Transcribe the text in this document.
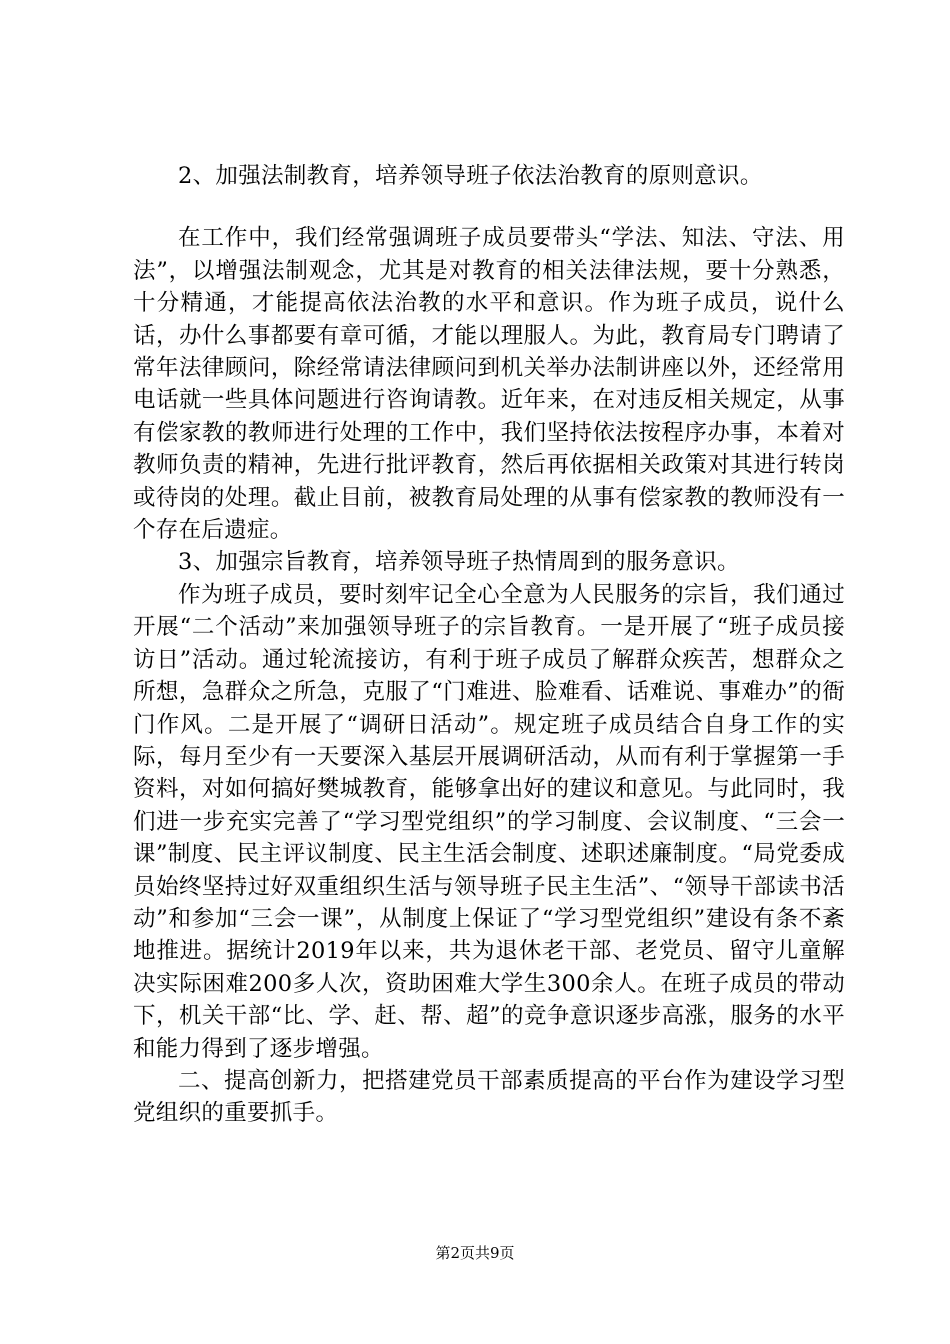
2、加强法制教育，培养领导班子依法治教育的原则意识。

在工作中，我们经常强调班子成员要带头“学法、知法、守法、用法”，以增强法制观念，尤其是对教育的相关法律法规，要十分熟悉，十分精通，才能提高依法治教的水平和意识。作为班子成员，说什么话，办什么事都要有章可循，才能以理服人。为此，教育局专门聘请了常年法律顾问，除经常请法律顾问到机关举办法制讲座以外，还经常用电话就一些具体问题进行咨询请教。近年来，在对违反相关规定，从事有偿家教的教师进行处理的工作中，我们坚持依法按程序办事，本着对教师负责的精神，先进行批评教育，然后再依据相关政策对其进行转岗或待岗的处理。截止目前，被教育局处理的从事有偿家教的教师没有一个存在后遗症。

3、加强宗旨教育，培养领导班子热情周到的服务意识。

作为班子成员，要时刻牢记全心全意为人民服务的宗旨，我们通过开展“二个活动”来加强领导班子的宗旨教育。一是开展了“班子成员接访日”活动。通过轮流接访，有利于班子成员了解群众疾苦，想群众之所想，急群众之所急，克服了“门难进、脸难看、话难说、事难办”的衙门作风。二是开展了“调研日活动”。规定班子成员结合自身工作的实际，每月至少有一天要深入基层开展调研活动，从而有利于掌握第一手资料，对如何搞好樊城教育，能够拿出好的建议和意见。与此同时，我们进一步充实完善了“学习型党组织”的学习制度、会议制度、“三会一课”制度、民主评议制度、民主生活会制度、述职述廉制度。“局党委成员始终坚持过好双重组织生活与领导班子民主生活”、“领导干部读书活动”和参加“三会一课”，从制度上保证了“学习型党组织”建设有条不紊地推进。据统计2019年以来，共为退休老干部、老党员、留守儿童解决实际困难200多人次，资助困难大学生300余人。在班子成员的带动下，机关干部“比、学、赶、帮、超”的竞争意识逐步高涨，服务的水平和能力得到了逐步增强。

二、提高创新力，把搭建党员干部素质提高的平台作为建设学习型党组织的重要抓手。

第2页共9页
